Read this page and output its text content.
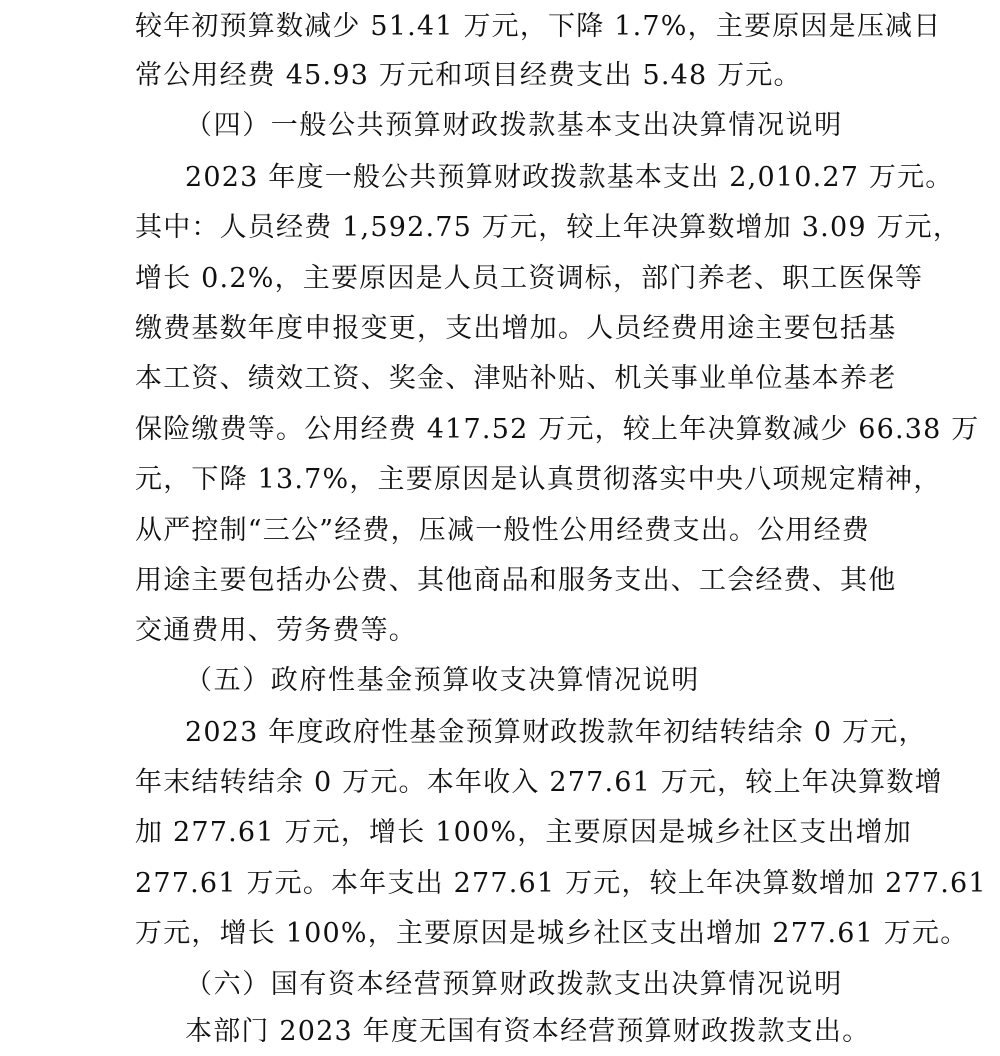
较年初预算数减少 51.41 万元，下降 1.7%，主要原因是压减日
常公用经费 45.93 万元和项目经费支出 5.48 万元。
（四）一般公共预算财政拨款基本支出决算情况说明
2023 年度一般公共预算财政拨款基本支出 2,010.27 万元。
其中：人员经费 1,592.75 万元，较上年决算数增加 3.09 万元，
增长 0.2%，主要原因是人员工资调标，部门养老、职工医保等
缴费基数年度申报变更，支出增加。人员经费用途主要包括基
本工资、绩效工资、奖金、津贴补贴、机关事业单位基本养老
保险缴费等。公用经费 417.52 万元，较上年决算数减少 66.38 万
元，下降 13.7%，主要原因是认真贯彻落实中央八项规定精神，
从严控制“三公”经费，压减一般性公用经费支出。公用经费
用途主要包括办公费、其他商品和服务支出、工会经费、其他
交通费用、劳务费等。
（五）政府性基金预算收支决算情况说明
2023 年度政府性基金预算财政拨款年初结转结余 0 万元，
年末结转结余 0 万元。本年收入 277.61 万元，较上年决算数增
加 277.61 万元，增长 100%，主要原因是城乡社区支出增加
277.61 万元。本年支出 277.61 万元，较上年决算数增加 277.61
万元，增长 100%，主要原因是城乡社区支出增加 277.61 万元。
（六）国有资本经营预算财政拨款支出决算情况说明
本部门 2023 年度无国有资本经营预算财政拨款支出。
